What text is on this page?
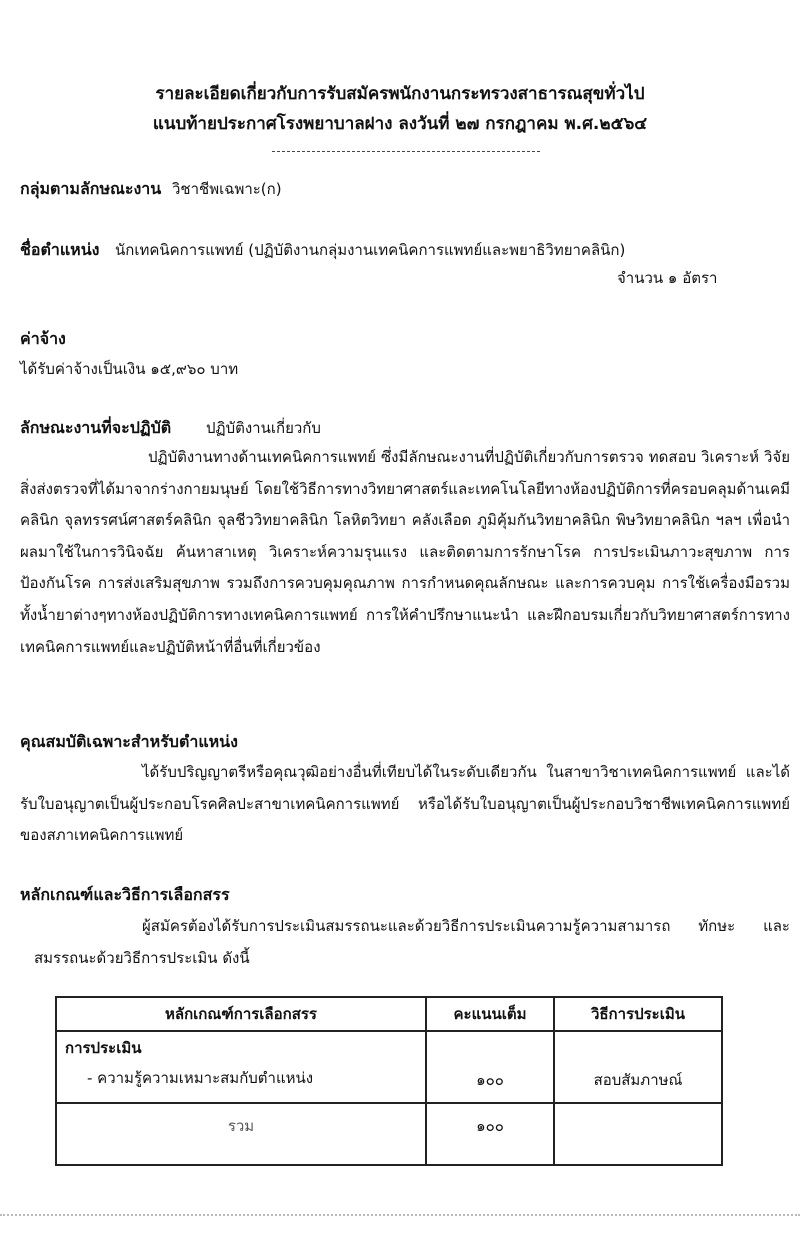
รายละเอียดเกี่ยวกับการรับสมัครพนักงานกระทรวงสาธารณสุขทั่วไป
แนบท้ายประกาศโรงพยาบาลฝาง ลงวันที่ ๒๗ กรกฎาคม พ.ศ.๒๕๖๔
กลุ่มตามลักษณะงาน วิชาชีพเฉพาะ(ก)
ชื่อตำแหน่ง นักเทคนิคการแพทย์ (ปฏิบัติงานกลุ่มงานเทคนิคการแพทย์และพยาธิวิทยาคลินิก)
จำนวน ๑ อัตรา
ค่าจ้าง
ได้รับค่าจ้างเป็นเงิน ๑๕,๙๖๐ บาท
ลักษณะงานที่จะปฏิบัติ ปฏิบัติงานเกี่ยวกับ
ปฏิบัติงานทางด้านเทคนิคการแพทย์ ซึ่งมีลักษณะงานที่ปฏิบัติเกี่ยวกับการตรวจ ทดสอบ วิเคราะห์ วิจัยสิ่งส่งตรวจที่ได้มาจากร่างกายมนุษย์ โดยใช้วิธีการทางวิทยาศาสตร์และเทคโนโลยีทางห้องปฏิบัติการที่ครอบคลุมด้านเคมีคลินิก จุลทรรศน์ศาสตร์คลินิก จุลชีววิทยาคลินิก โลหิตวิทยา คลังเลือด ภูมิคุ้มกันวิทยาคลินิก พิษวิทยาคลินิก ฯลฯ เพื่อนำผลมาใช้ในการวินิจฉัย ค้นหาสาเหตุ วิเคราะห์ความรุนแรง และติดตามการรักษาโรค การประเมินภาวะสุขภาพ การป้องกันโรค การส่งเสริมสุขภาพ รวมถึงการควบคุมคุณภาพ การกำหนดคุณลักษณะ และการควบคุม การใช้เครื่องมือรวมทั้งน้ำยาต่างๆทางห้องปฏิบัติการทางเทคนิคการแพทย์ การให้คำปรึกษาแนะนำ และฝึกอบรมเกี่ยวกับวิทยาศาสตร์การทางเทคนิคการแพทย์และปฏิบัติหน้าที่อื่นที่เกี่ยวข้อง
คุณสมบัติเฉพาะสำหรับตำแหน่ง
ได้รับปริญญาตรีหรือคุณวุฒิอย่างอื่นที่เทียบได้ในระดับเดียวกัน ในสาขาวิชาเทคนิคการแพทย์ และได้รับใบอนุญาตเป็นผู้ประกอบโรคศิลปะสาขาเทคนิคการแพทย์ หรือได้รับใบอนุญาตเป็นผู้ประกอบวิชาชีพเทคนิคการแพทย์ของสภาเทคนิคการแพทย์
หลักเกณฑ์และวิธีการเลือกสรร
ผู้สมัครต้องได้รับการประเมินสมรรถนะและด้วยวิธีการประเมินความรู้ความสามารถ ทักษะ และสมรรถนะด้วยวิธีการประเมิน ดังนี้
หลักเกณฑ์การเลือกสรร	คะแนนเต็ม	วิธีการประเมิน

การประเมิน
- ความรู้ความเหมาะสมกับตำแหน่ง	๑๐๐	สอบสัมภาษณ์
รวม	๑๐๐	
